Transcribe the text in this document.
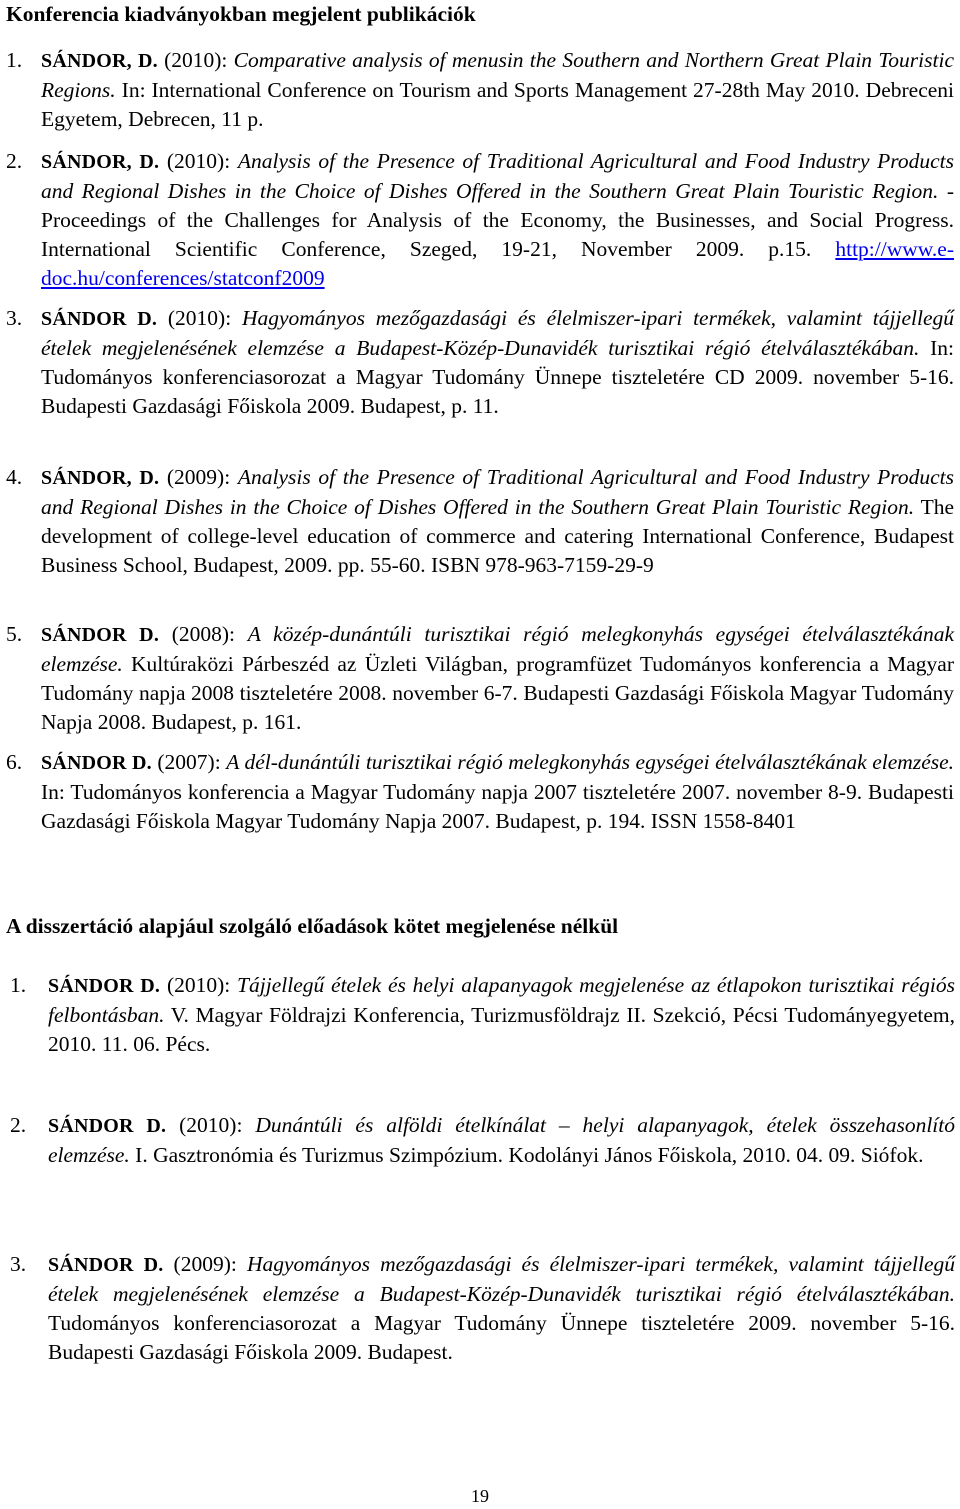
Konferencia kiadványokban megjelent publikációk
1. SÁNDOR, D. (2010): Comparative analysis of menusin the Southern and Northern Great Plain Touristic Regions. In: International Conference on Tourism and Sports Management 27-28th May 2010. Debreceni Egyetem, Debrecen, 11 p.
2. SÁNDOR, D. (2010): Analysis of the Presence of Traditional Agricultural and Food Industry Products and Regional Dishes in the Choice of Dishes Offered in the Southern Great Plain Touristic Region. - Proceedings of the Challenges for Analysis of the Economy, the Businesses, and Social Progress. International Scientific Conference, Szeged, 19-21, November 2009. p.15. http://www.e-doc.hu/conferences/statconf2009
3. SÁNDOR D. (2010): Hagyományos mezőgazdasági és élelmiszer-ipari termékek, valamint tájjellegű ételek megjelenésének elemzése a Budapest-Közép-Dunavidék turisztikai régió ételválasztékában. In: Tudományos konferenciasorozat a Magyar Tudomány Ünnepe tiszteletére CD 2009. november 5-16. Budapesti Gazdasági Főiskola 2009. Budapest, p. 11.
4. SÁNDOR, D. (2009): Analysis of the Presence of Traditional Agricultural and Food Industry Products and Regional Dishes in the Choice of Dishes Offered in the Southern Great Plain Touristic Region. The development of college-level education of commerce and catering International Conference, Budapest Business School, Budapest, 2009. pp. 55-60. ISBN 978-963-7159-29-9
5. SÁNDOR D. (2008): A közép-dunántúli turisztikai régió melegkonyhás egységei ételválasztékának elemzése. Kultúraközi Párbeszéd az Üzleti Világban, programfüzet Tudományos konferencia a Magyar Tudomány napja 2008 tiszteletére 2008. november 6-7. Budapesti Gazdasági Főiskola Magyar Tudomány Napja 2008. Budapest, p. 161.
6. SÁNDOR D. (2007): A dél-dunántúli turisztikai régió melegkonyhás egységei ételválasztékának elemzése. In: Tudományos konferencia a Magyar Tudomány napja 2007 tiszteletére 2007. november 8-9. Budapesti Gazdasági Főiskola Magyar Tudomány Napja 2007. Budapest, p. 194. ISSN 1558-8401
A disszertáció alapjául szolgáló előadások kötet megjelenése nélkül
1. SÁNDOR D. (2010): Tájjellegű ételek és helyi alapanyagok megjelenése az étlapokon turisztikai régiós felbontásban. V. Magyar Földrajzi Konferencia, Turizmusföldrajz II. Szekció, Pécsi Tudományegyetem, 2010. 11. 06. Pécs.
2. SÁNDOR D. (2010): Dunántúli és alföldi ételkínálat – helyi alapanyagok, ételek összehasonlító elemzése. I. Gasztronómia és Turizmus Szimpózium. Kodolányi János Főiskola, 2010. 04. 09. Siófok.
3. SÁNDOR D. (2009): Hagyományos mezőgazdasági és élelmiszer-ipari termékek, valamint tájjellegű ételek megjelenésének elemzése a Budapest-Közép-Dunavidék turisztikai régió ételválasztékában. Tudományos konferenciasorozat a Magyar Tudomány Ünnepe tiszteletére 2009. november 5-16. Budapesti Gazdasági Főiskola 2009. Budapest.
19
